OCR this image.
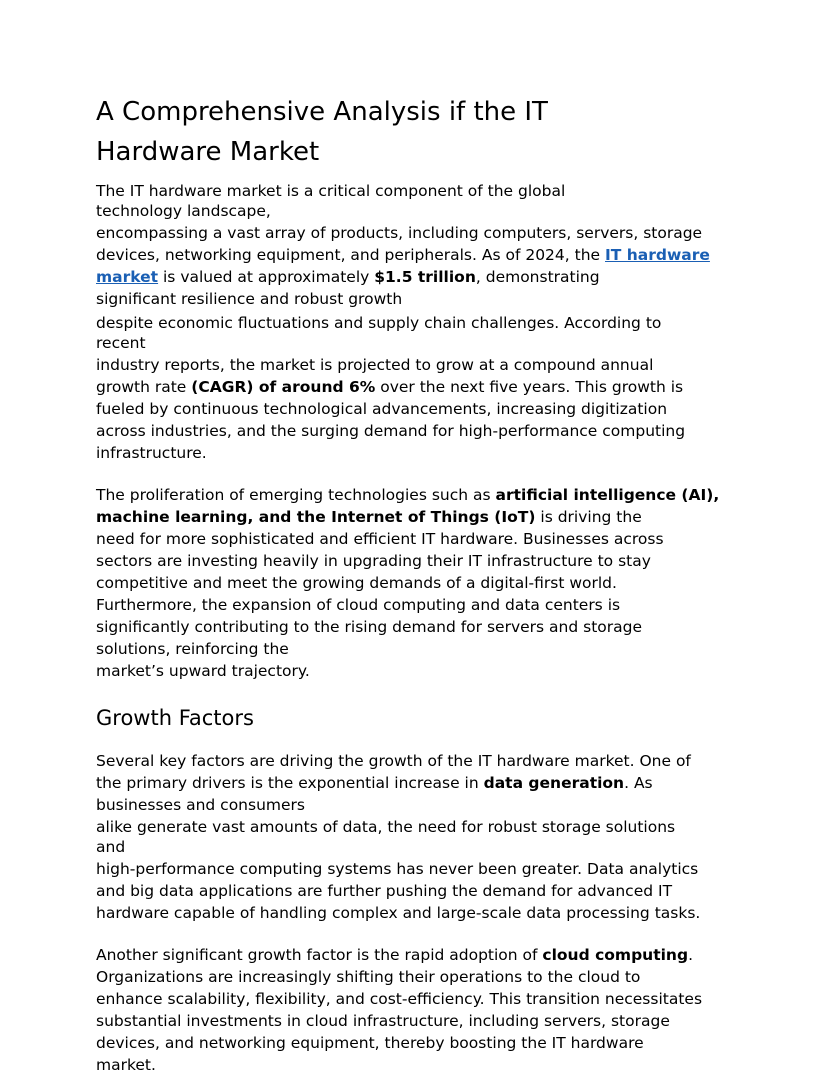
A Comprehensive Analysis if the IT Hardware Market

The IT hardware market is a critical component of the global
technology landscape,
encompassing a vast array of products, including computers, servers, storage
devices, networking equipment, and peripherals. As of 2024, the IT hardware market is valued at approximately $1.5 trillion, demonstrating
significant resilience and robust growth
despite economic fluctuations and supply chain challenges. According to
recent
industry reports, the market is projected to grow at a compound annual
growth rate (CAGR) of around 6% over the next five years. This growth is
fueled by continuous technological advancements, increasing digitization
across industries, and the surging demand for high-performance computing
infrastructure.

The proliferation of emerging technologies such as artificial intelligence (AI), machine learning, and the Internet of Things (IoT) is driving the
need for more sophisticated and efficient IT hardware. Businesses across
sectors are investing heavily in upgrading their IT infrastructure to stay
competitive and meet the growing demands of a digital-first world.
Furthermore, the expansion of cloud computing and data centers is
significantly contributing to the rising demand for servers and storage
solutions, reinforcing the
market’s upward trajectory.

Growth Factors

Several key factors are driving the growth of the IT hardware market. One of
the primary drivers is the exponential increase in data generation. As
businesses and consumers
alike generate vast amounts of data, the need for robust storage solutions
and
high-performance computing systems has never been greater. Data analytics
and big data applications are further pushing the demand for advanced IT
hardware capable of handling complex and large-scale data processing tasks.

Another significant growth factor is the rapid adoption of cloud computing.
Organizations are increasingly shifting their operations to the cloud to
enhance scalability, flexibility, and cost-efficiency. This transition necessitates
substantial investments in cloud infrastructure, including servers, storage
devices, and networking equipment, thereby boosting the IT hardware
market.
